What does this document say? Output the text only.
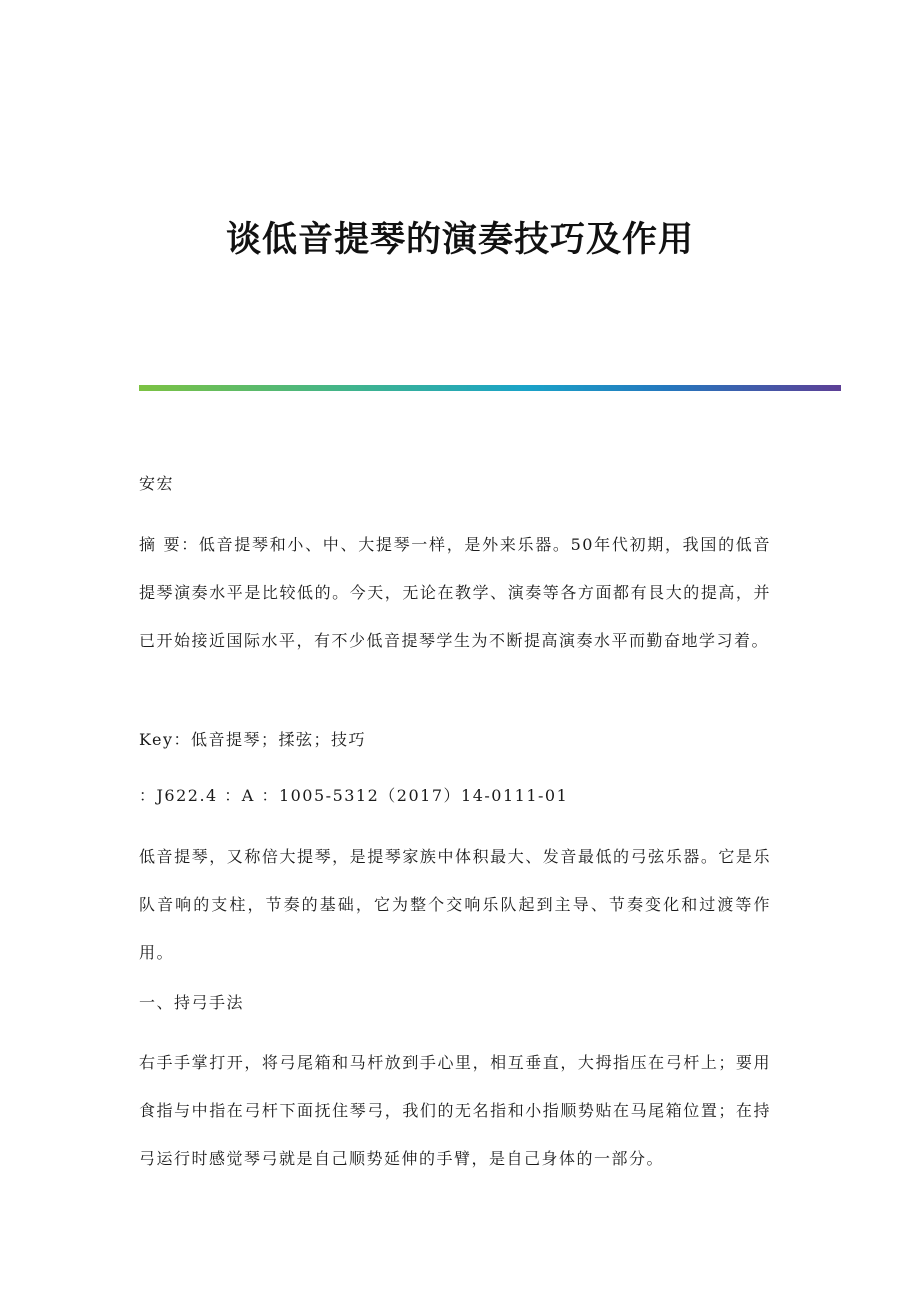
谈低音提琴的演奏技巧及作用
安宏
摘 要：低音提琴和小、中、大提琴一样，是外来乐器。50年代初期，我国的低音提琴演奏水平是比较低的。今天，无论在教学、演奏等各方面都有艮大的提高，并已开始接近国际水平，有不少低音提琴学生为不断提高演奏水平而勤奋地学习着。
Key：低音提琴；揉弦；技巧
：J622.4 ：A ：1005-5312（2017）14-0111-01
低音提琴，又称倍大提琴，是提琴家族中体积最大、发音最低的弓弦乐器。它是乐队音响的支柱，节奏的基础，它为整个交响乐队起到主导、节奏变化和过渡等作用。
一、持弓手法
右手手掌打开，将弓尾箱和马杆放到手心里，相互垂直，大拇指压在弓杆上；要用食指与中指在弓杆下面抚住琴弓，我们的无名指和小指顺势贴在马尾箱位置；在持弓运行时感觉琴弓就是自己顺势延伸的手臂，是自己身体的一部分。
